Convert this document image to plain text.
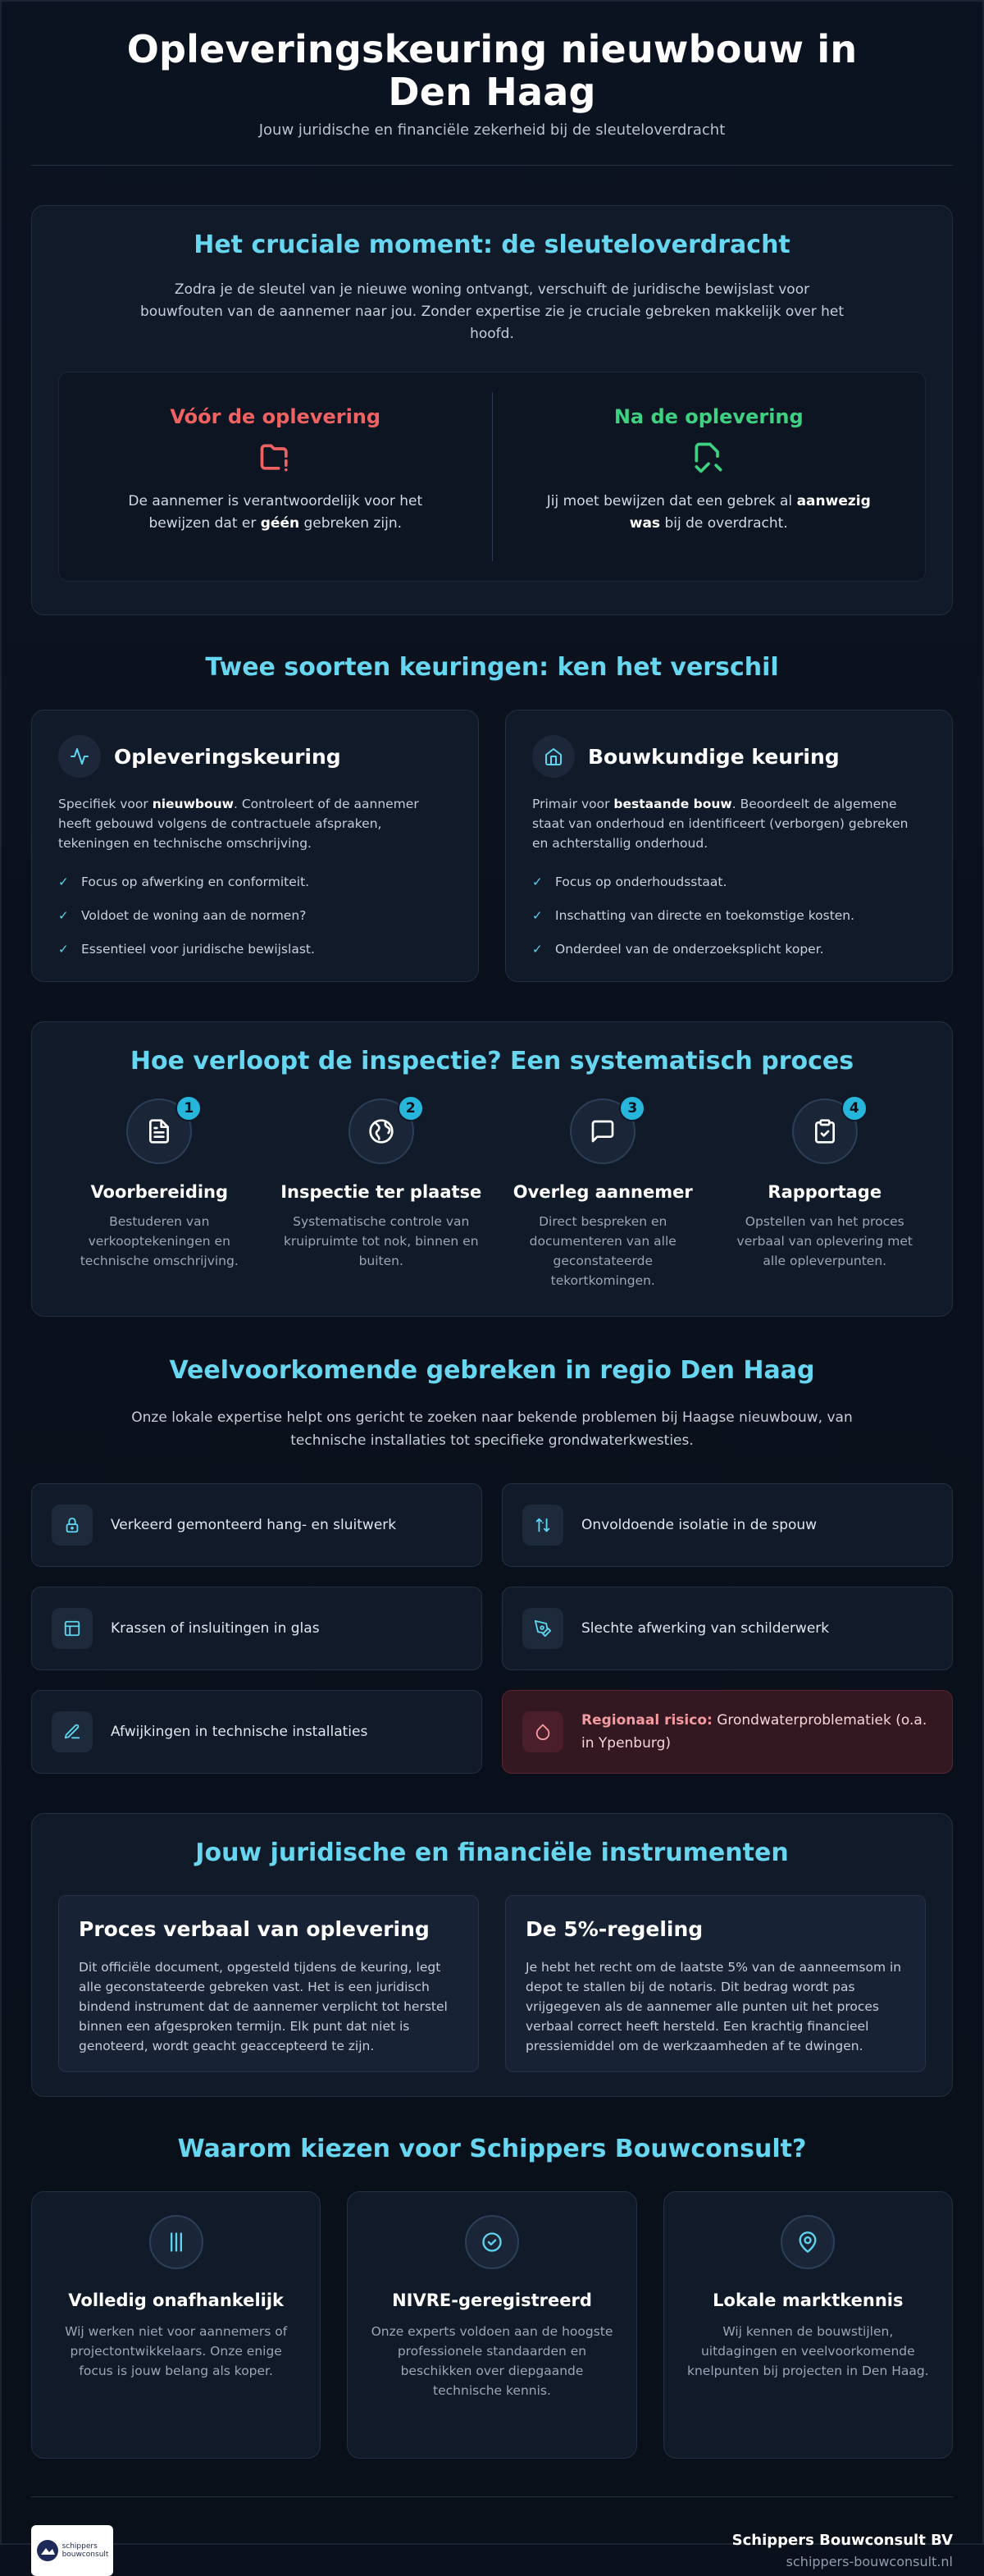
Opleveringskeuring nieuwbouw in Den Haag
Jouw juridische en financiële zekerheid bij de sleuteloverdracht
Het cruciale moment: de sleuteloverdracht

Zodra je de sleutel van je nieuwe woning ontvangt, verschuift de juridische bewijslast voor bouwfouten van de aannemer naar jou. Zonder expertise zie je cruciale gebreken makkelijk over het hoofd.

Vóór de oplevering

De aannemer is verantwoordelijk voor het bewijzen dat er géén gebreken zijn.

Na de oplevering

Jij moet bewijzen dat een gebrek al aanwezig was bij de overdracht.

Twee soorten keuringen: ken het verschil
Opleveringskeuring

Specifiek voor nieuwbouw. Controleert of de aannemer heeft gebouwd volgens de contractuele afspraken, tekeningen en technische omschrijving.

✓ Focus op afwerking en conformiteit.
✓ Voldoet de woning aan de normen?
✓ Essentieel voor juridische bewijslast.
Bouwkundige keuring

Primair voor bestaande bouw. Beoordeelt de algemene staat van onderhoud en identificeert (verborgen) gebreken en achterstallig onderhoud.

✓ Focus op onderhoudsstaat.
✓ Inschatting van directe en toekomstige kosten.
✓ Onderdeel van de onderzoeksplicht koper.
Hoe verloopt de inspectie? Een systematisch proces
1
Voorbereiding

Bestuderen van verkooptekeningen en technische omschrijving.

2
Inspectie ter plaatse

Systematische controle van kruipruimte tot nok, binnen en buiten.

3
Overleg aannemer

Direct bespreken en documenteren van alle geconstateerde tekortkomingen.

4
Rapportage

Opstellen van het proces verbaal van oplevering met alle opleverpunten.

Veelvoorkomende gebreken in regio Den Haag

Onze lokale expertise helpt ons gericht te zoeken naar bekende problemen bij Haagse nieuwbouw, van technische installaties tot specifieke grondwaterkwesties.

Verkeerd gemonteerd hang- en sluitwerk	Onvoldoende isolatie in de spouw
Krassen of insluitingen in glas	Slechte afwerking van schilderwerk
Afwijkingen in technische installaties
Regionaal risico: Grondwaterproblematiek (o.a. in Ypenburg)
Jouw juridische en financiële instrumenten
Proces verbaal van oplevering

Dit officiële document, opgesteld tijdens de keuring, legt alle geconstateerde gebreken vast. Het is een juridisch bindend instrument dat de aannemer verplicht tot herstel binnen een afgesproken termijn. Elk punt dat niet is genoteerd, wordt geacht geaccepteerd te zijn.

De 5%-regeling

Je hebt het recht om de laatste 5% van de aanneemsom in depot te stallen bij de notaris. Dit bedrag wordt pas vrijgegeven als de aannemer alle punten uit het proces verbaal correct heeft hersteld. Een krachtig financieel pressiemiddel om de werkzaamheden af te dwingen.

Waarom kiezen voor Schippers Bouwconsult?
Volledig onafhankelijk

Wij werken niet voor aannemers of projectontwikkelaars. Onze enige focus is jouw belang als koper.

NIVRE-geregistreerd

Onze experts voldoen aan de hoogste professionele standaarden en beschikken over diepgaande technische kennis.

Lokale marktkennis

Wij kennen de bouwstijlen, uitdagingen en veelvoorkomende knelpunten bij projecten in Den Haag.

schippers
bouwconsult
Schippers Bouwconsult BV
schippers-bouwconsult.nl
